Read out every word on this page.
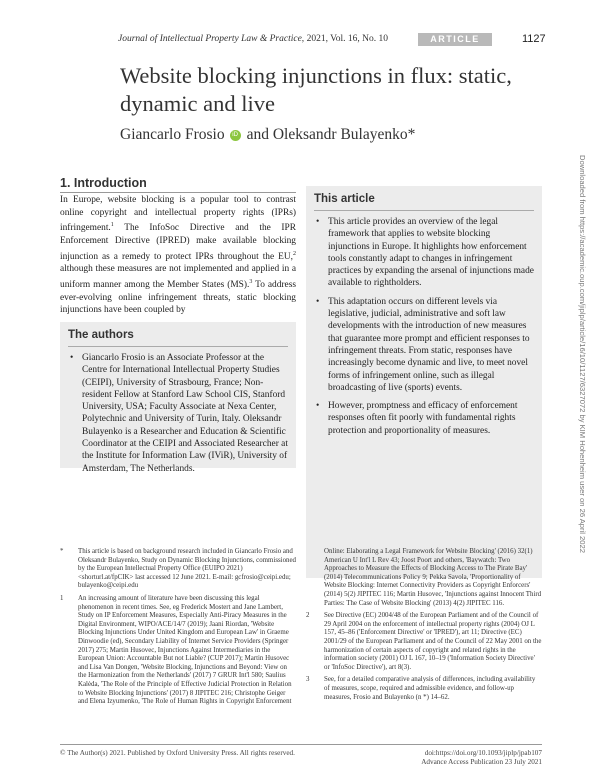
Journal of Intellectual Property Law & Practice, 2021, Vol. 16, No. 10	ARTICLE	1127
Website blocking injunctions in flux: static, dynamic and live
Giancarlo Frosio	iD and Oleksandr Bulayenko*
Downloaded from https://academic.oup.com/jiplp/article/16/10/1127/6327072 by KIM Hohenheim user on 26 April 2022
1. Introduction
In Europe, website blocking is a popular tool to contrast online copyright and intellectual property rights (IPRs) infringement.$^1$ The InfoSoc Directive and the IPR Enforcement Directive (IPRED) make available blocking injunction as a remedy to protect IPRs throughout the EU,$^2$ although these measures are not implemented and applied in a uniform manner among the Member States (MS).$^3$ To address ever-evolving online infringement threats, static blocking injunctions have been coupled by
The authors
• Giancarlo Frosio is an Associate Professor at the Centre for International Intellectual Property Studies (CEIPI), University of Strasbourg, France; Non-resident Fellow at Stanford Law School CIS, Stanford University, USA; Faculty Associate at Nexa Center, Polytechnic and University of Turin, Italy. Oleksandr Bulayenko is a Researcher and Education & Scientific Coordinator at the CEIPI and Associated Researcher at the Institute for Information Law (IViR), University of Amsterdam, The Netherlands.
This article
• This article provides an overview of the legal framework that applies to website blocking injunctions in Europe. It highlights how enforcement tools constantly adapt to changes in infringement practices by expanding the arsenal of injunctions made available to rightholders.
• This adaptation occurs on different levels via legislative, judicial, administrative and soft law developments with the introduction of new measures that guarantee more prompt and efficient responses to infringement threats. From static, responses have increasingly become dynamic and live, to meet novel forms of infringement online, such as illegal broadcasting of live (sports) events.
• However, promptness and efficacy of enforcement responses often fit poorly with fundamental rights protection and proportionality of measures.
* This article is based on background research included in Giancarlo Frosio and Oleksandr Bulayenko, Study on Dynamic Blocking Injunctions, commissioned by the European Intellectual Property Office (EUIPO 2021) <shorturl.at/fpCIK> last accessed 12 June 2021. E-mail: gcfrosio@ceipi.edu; bulayenko@ceipi.edu
1 An increasing amount of literature have been discussing this legal phenomenon in recent times. See, eg Frederick Mostert and Jane Lambert, Study on IP Enforcement Measures, Especially Anti-Piracy Measures in the Digital Environment, WIPO/ACE/14/7 (2019); Jaani Riordan, 'Website Blocking Injunctions Under United Kingdom and European Law' in Graeme Dinwoodie (ed), Secondary Liability of Internet Service Providers (Springer 2017) 275; Martin Husovec, Injunctions Against Intermediaries in the European Union: Accountable But not Liable? (CUP 2017); Martin Husovec and Lisa Van Dongen, 'Website Blocking, Injunctions and Beyond: View on the Harmonization from the Netherlands' (2017) 7 GRUR Int'l 580; Saulius Kalėda, 'The Role of the Principle of Effective Judicial Protection in Relation to Website Blocking Injunctions' (2017) 8 JIPITEC 216; Christophe Geiger and Elena Izyumenko, 'The Role of Human Rights in Copyright Enforcement
Online: Elaborating a Legal Framework for Website Blocking' (2016) 32(1) American U Int'l L Rev 43; Joost Poort and others, 'Baywatch: Two Approaches to Measure the Effects of Blocking Access to The Pirate Bay' (2014) Telecommunications Policy 9; Pekka Savola, 'Proportionality of Website Blocking: Internet Connectivity Providers as Copyright Enforcers' (2014) 5(2) JIPITEC 116; Martin Husovec, 'Injunctions against Innocent Third Parties: The Case of Website Blocking' (2013) 4(2) JIPITEC 116.
2 See Directive (EC) 2004/48 of the European Parliament and of the Council of 29 April 2004 on the enforcement of intellectual property rights (2004) OJ L 157, 45–86 ('Enforcement Directive' or 'IPRED'), art 11; Directive (EC) 2001/29 of the European Parliament and of the Council of 22 May 2001 on the harmonization of certain aspects of copyright and related rights in the information society (2001) OJ L 167, 10–19 ('Information Society Directive' or 'InfoSoc Directive'), art 8(3).
3 See, for a detailed comparative analysis of differences, including availability of measures, scope, required and admissible evidence, and follow-up measures, Frosio and Bulayenko (n *) 14–62.
© The Author(s) 2021. Published by Oxford University Press. All rights reserved.	doi:https://doi.org/10.1093/jiplp/jpab107
Advance Access Publication 23 July 2021
